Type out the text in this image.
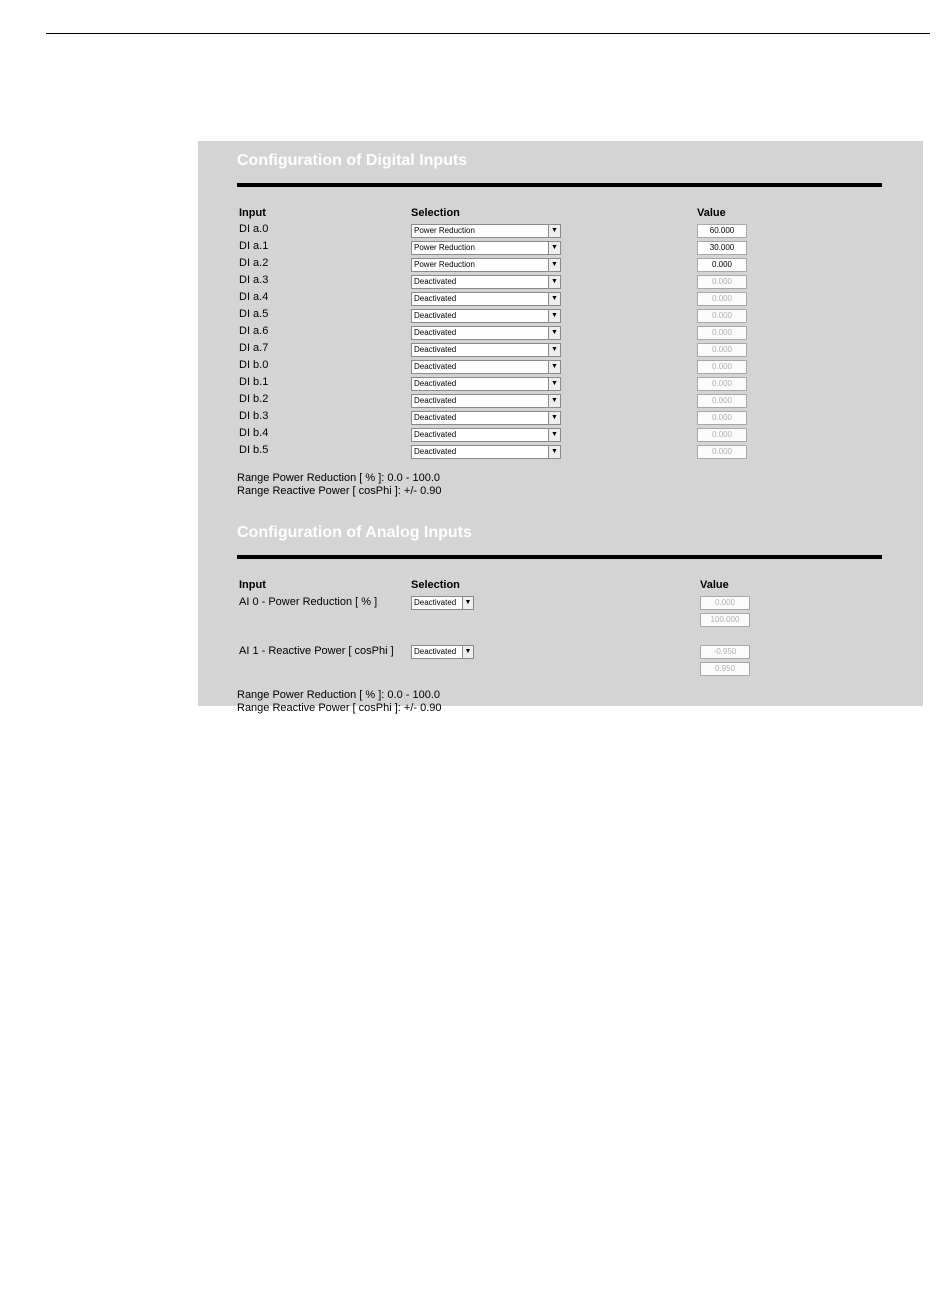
Configuration of Digital Inputs
Input	Selection	Value
DI a.0	Power Reduction	▼	60.000
DI a.1	Power Reduction	▼	30.000
DI a.2	Power Reduction	▼	0.000
DI a.3	Deactivated	▼	0.000
DI a.4	Deactivated	▼	0.000
DI a.5	Deactivated	▼	0.000
DI a.6	Deactivated	▼	0.000
DI a.7	Deactivated	▼	0.000
DI b.0	Deactivated	▼	0.000
DI b.1	Deactivated	▼	0.000
DI b.2	Deactivated	▼	0.000
DI b.3	Deactivated	▼	0.000
DI b.4	Deactivated	▼	0.000
DI b.5	Deactivated	▼	0.000
Range Power Reduction [ % ]: 0.0 - 100.0
Range Reactive Power [ cosPhi ]: +/- 0.90
Configuration of Analog Inputs
Input	Selection	Value
AI 0 - Power Reduction [ % ]	Deactivated	▼	0.000
100.000
AI 1 - Reactive Power [ cosPhi ]	Deactivated	▼	-0.950
0.950
Range Power Reduction [ % ]: 0.0 - 100.0
Range Reactive Power [ cosPhi ]: +/- 0.90
